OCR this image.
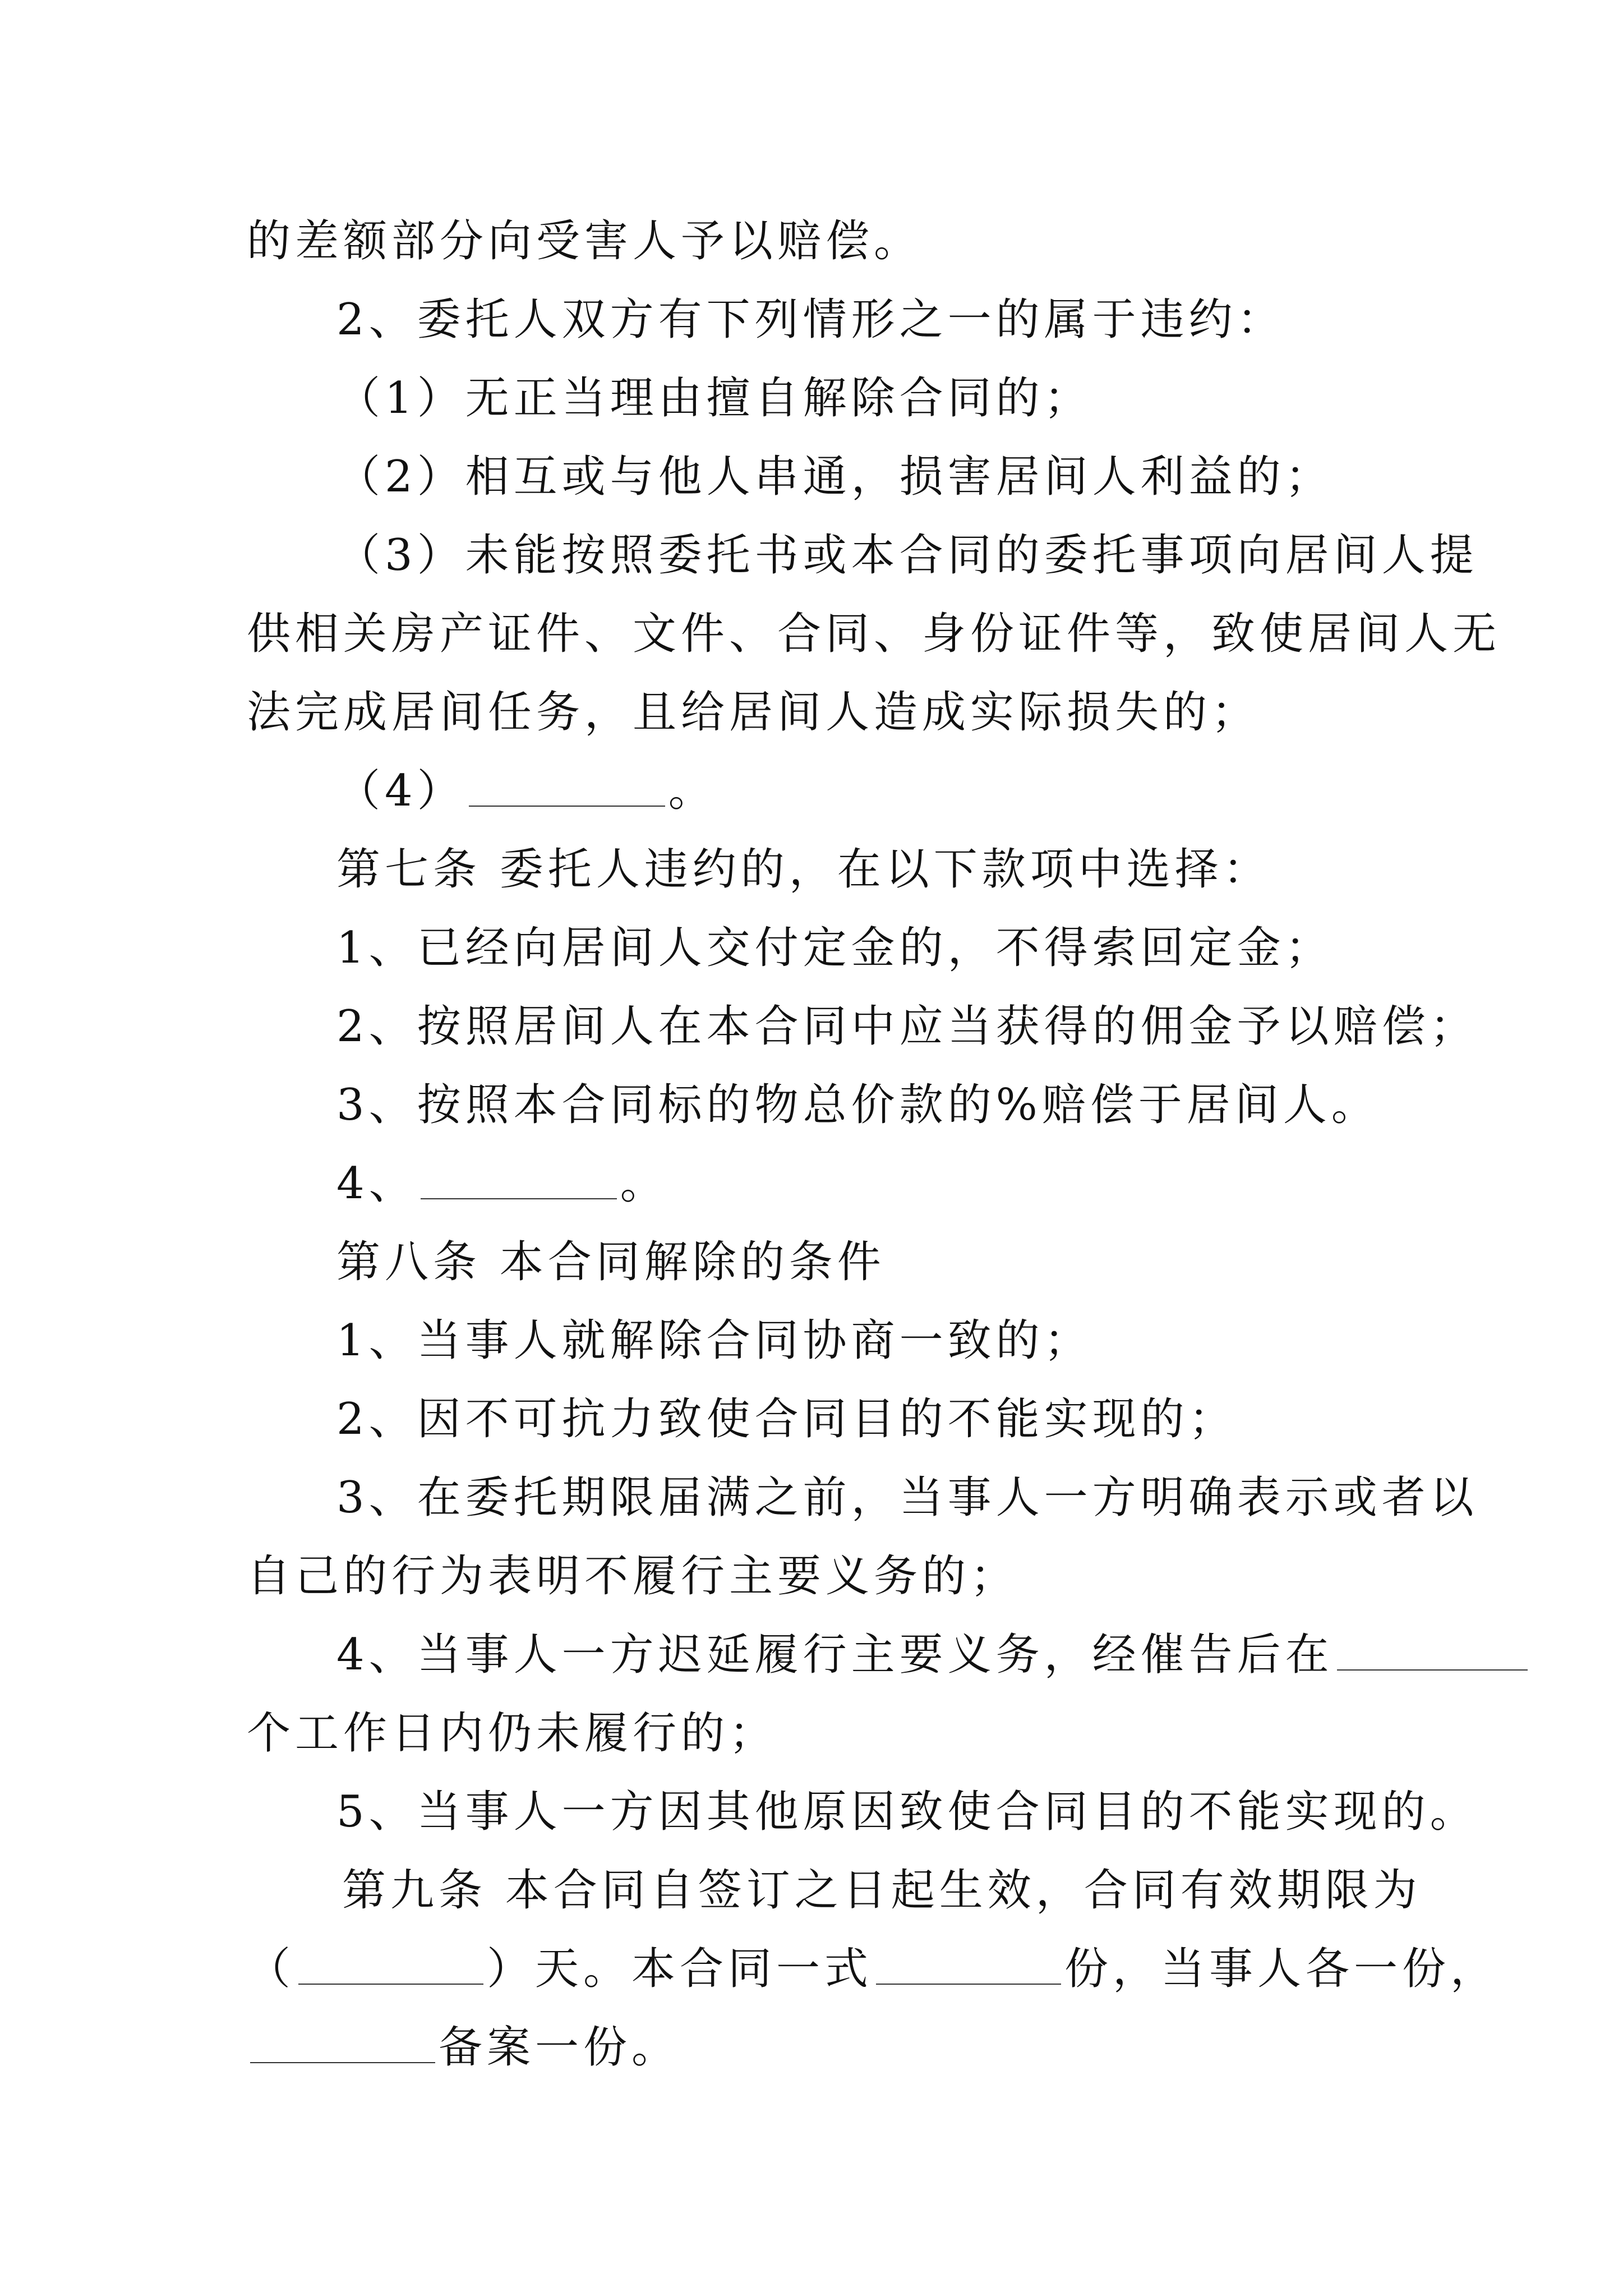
的差额部分向受害人予以赔偿。
2、委托人双方有下列情形之一的属于违约：
（1）无正当理由擅自解除合同的；
（2）相互或与他人串通，损害居间人利益的；
（3）未能按照委托书或本合同的委托事项向居间人提
供相关房产证件、文件、合同、身份证件等，致使居间人无
法完成居间任务，且给居间人造成实际损失的；
（4）	。
第七条 委托人违约的，在以下款项中选择：
1、已经向居间人交付定金的，不得索回定金；
2、按照居间人在本合同中应当获得的佣金予以赔偿；
3、按照本合同标的物总价款的%赔偿于居间人。
4、	。
第八条 本合同解除的条件
1、当事人就解除合同协商一致的；
2、因不可抗力致使合同目的不能实现的；
3、在委托期限届满之前，当事人一方明确表示或者以
自己的行为表明不履行主要义务的；
4、当事人一方迟延履行主要义务，经催告后在
个工作日内仍未履行的；
5、当事人一方因其他原因致使合同目的不能实现的。
第九条 本合同自签订之日起生效，合同有效期限为
（	）天。本合同一式	份，当事人各一份，
备案一份。
